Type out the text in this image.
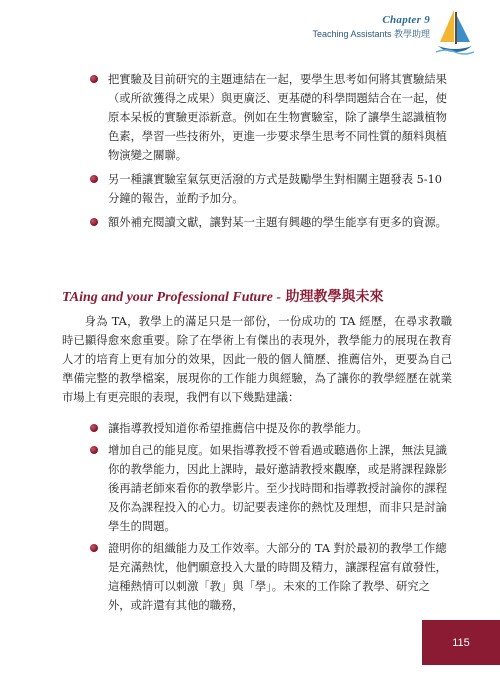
Chapter 9
Teaching Assistants 教學助理
把實驗及目前研究的主題連結在一起，要學生思考如何將其實驗結果（或所欲獲得之成果）與更廣泛、更基礎的科學問題結合在一起，使原本呆板的實驗更添新意。例如在生物實驗室，除了讓學生認識植物色素，學習一些技術外，更進一步要求學生思考不同性質的顏料與植物演變之關聯。
另一種讓實驗室氣氛更活潑的方式是鼓勵學生對相關主題發表 5-10 分鐘的報告，並酌予加分。
額外補充閱讀文獻，讓對某一主題有興趣的學生能享有更多的資源。
TAing and your Professional Future - 助理教學與未來
身為 TA，教學上的滿足只是一部份，一份成功的 TA 經歷，在尋求教職時已顯得愈來愈重要。除了在學術上有傑出的表現外，教學能力的展現在教育人才的培育上更有加分的效果，因此一般的個人簡歷、推薦信外，更要為自己準備完整的教學檔案，展現你的工作能力與經驗，為了讓你的教學經歷在就業市場上有更亮眼的表現，我們有以下幾點建議：
讓指導教授知道你希望推薦信中提及你的教學能力。
增加自己的能見度。如果指導教授不曾看過或聽過你上課，無法見識你的教學能力，因此上課時，最好邀請教授來觀摩，或是將課程錄影後再請老師來看你的教學影片。至少找時間和指導教授討論你的課程及你為課程投入的心力。切記要表達你的熱忱及理想，而非只是討論學生的問題。
證明你的組織能力及工作效率。大部分的 TA 對於最初的教學工作總是充滿熱忱，他們願意投入大量的時間及精力，讓課程富有啟發性，這種熱情可以刺激「教」與「學」。未來的工作除了教學、研究之外，或許還有其他的職務，
115
